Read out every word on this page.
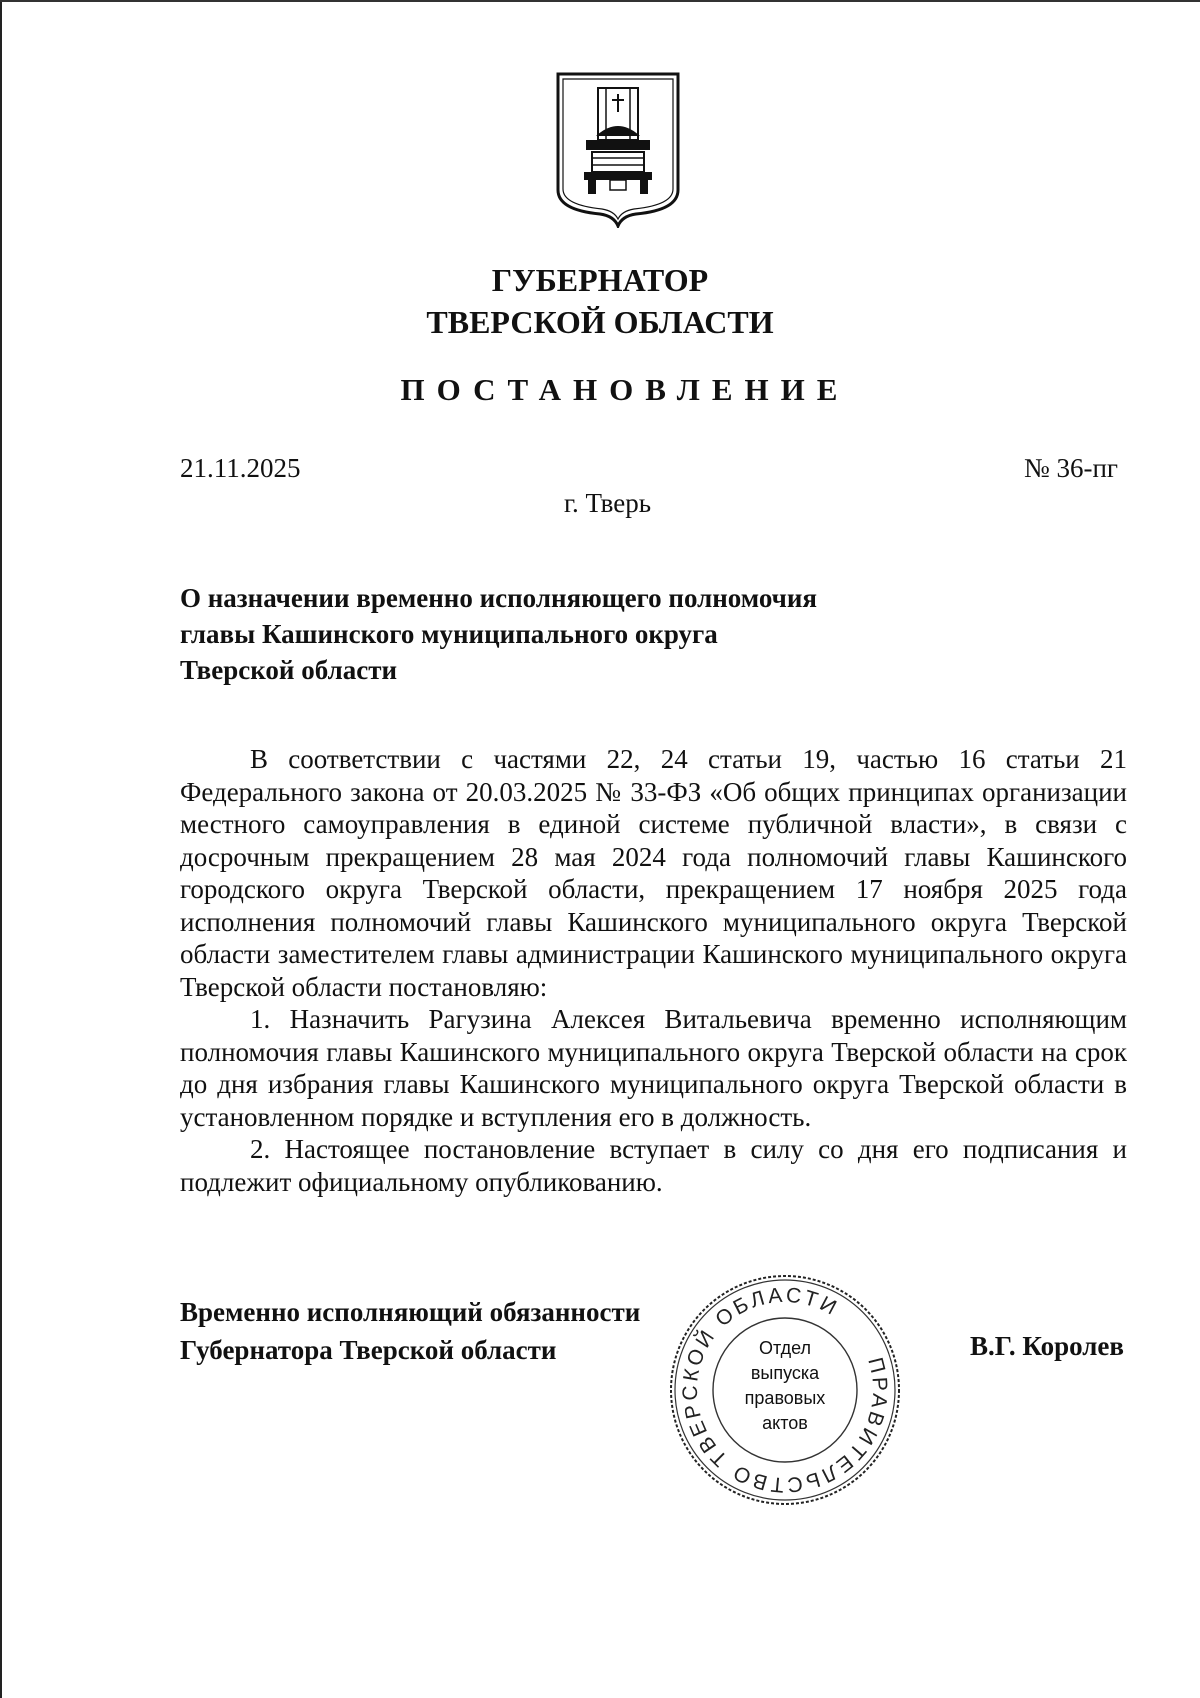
ГУБЕРНАТОР
ТВЕРСКОЙ ОБЛАСТИ
ПОСТАНОВЛЕНИЕ
21.11.2025	№ 36-пг
г. Тверь
О назначении временно исполняющего полномочия
главы Кашинского муниципального округа
Тверской области

В соответствии с частями 22, 24 статьи 19, частью 16 статьи 21 Федерального закона от 20.03.2025 № 33-ФЗ «Об общих принципах организации местного самоуправления в единой системе публичной власти», в связи с досрочным прекращением 28 мая 2024 года полномочий главы Кашинского городского округа Тверской области, прекращением 17 ноября 2025 года исполнения полномочий главы Кашинского муниципального округа Тверской области заместителем главы администрации Кашинского муниципального округа Тверской области постановляю:

1. Назначить Рагузина Алексея Витальевича временно исполняющим полномочия главы Кашинского муниципального округа Тверской области на срок до дня избрания главы Кашинского муниципального округа Тверской области в установленном порядке и вступления его в должность.

2. Настоящее постановление вступает в силу со дня его подписания и подлежит официальному опубликованию.

Временно исполняющий обязанности
Губернатора Тверской области	В.Г. Королев
ПРАВИТЕЛЬСТВО ТВЕРСКОЙ ОБЛАСТИ
Отдел
выпуска
правовых
актов
